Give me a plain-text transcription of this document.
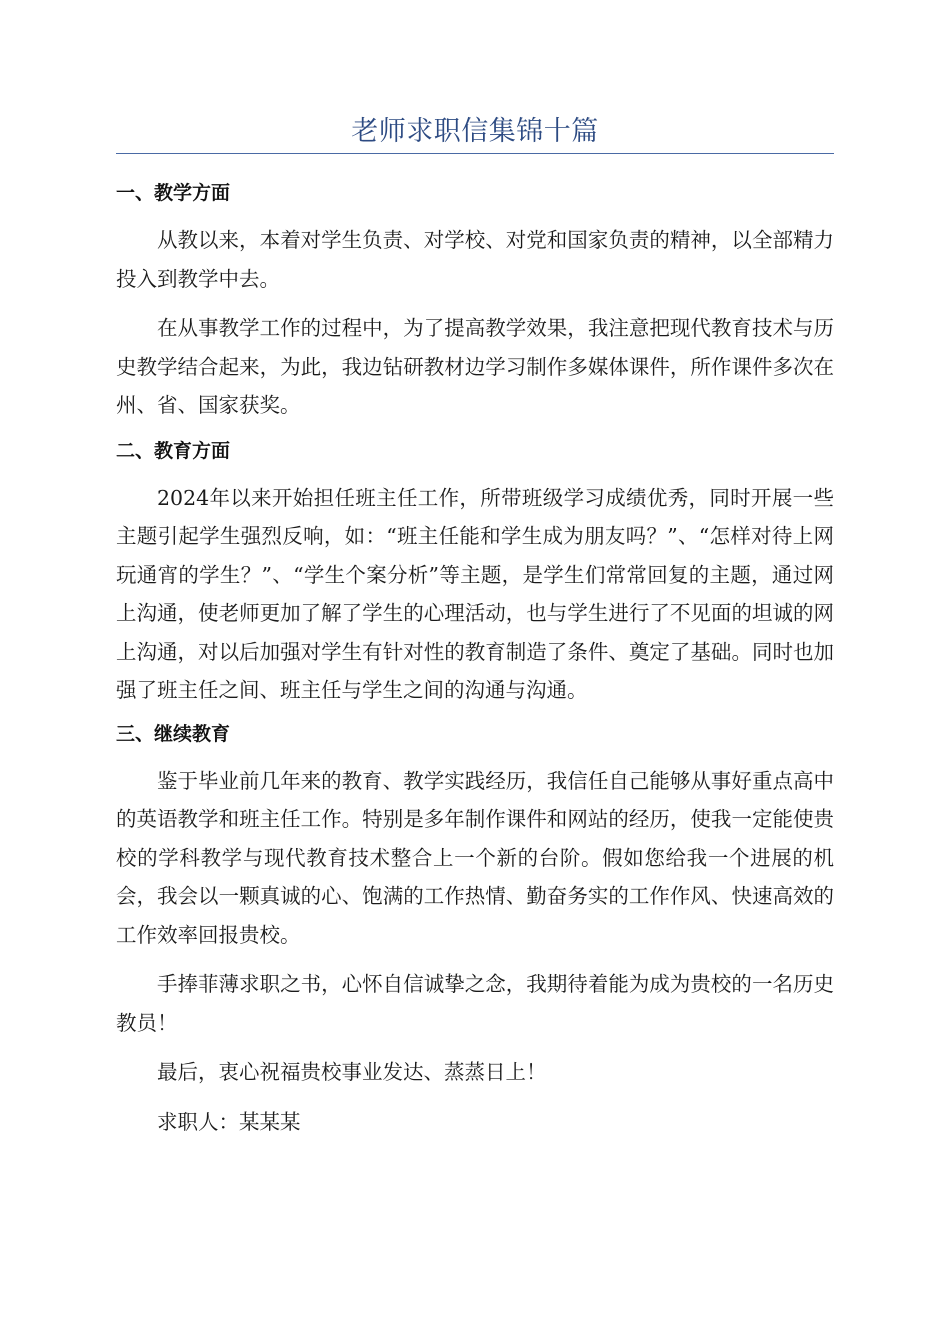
老师求职信集锦十篇
一、教学方面

从教以来，本着对学生负责、对学校、对党和国家负责的精神，以全部精力投入到教学中去。

在从事教学工作的过程中，为了提高教学效果，我注意把现代教育技术与历史教学结合起来，为此，我边钻研教材边学习制作多媒体课件，所作课件多次在州、省、国家获奖。

二、教育方面

2024年以来开始担任班主任工作，所带班级学习成绩优秀，同时开展一些主题引起学生强烈反响，如：“班主任能和学生成为朋友吗？”、“怎样对待上网玩通宵的学生？”、“学生个案分析”等主题，是学生们常常回复的主题，通过网上沟通，使老师更加了解了学生的心理活动，也与学生进行了不见面的坦诚的网上沟通，对以后加强对学生有针对性的教育制造了条件、奠定了基础。同时也加强了班主任之间、班主任与学生之间的沟通与沟通。

三、继续教育

鉴于毕业前几年来的教育、教学实践经历，我信任自己能够从事好重点高中的英语教学和班主任工作。特别是多年制作课件和网站的经历，使我一定能使贵校的学科教学与现代教育技术整合上一个新的台阶。假如您给我一个进展的机会，我会以一颗真诚的心、饱满的工作热情、勤奋务实的工作作风、快速高效的工作效率回报贵校。

手捧菲薄求职之书，心怀自信诚挚之念，我期待着能为成为贵校的一名历史教员！

最后，衷心祝福贵校事业发达、蒸蒸日上！

求职人：某某某
